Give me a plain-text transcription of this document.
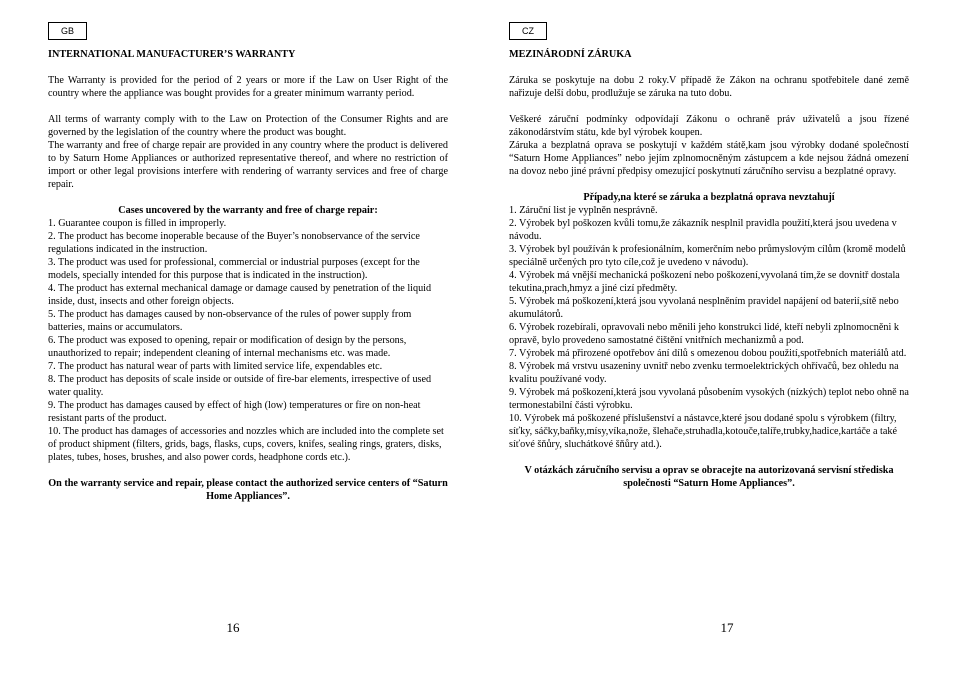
GB
INTERNATIONAL MANUFACTURER’S WARRANTY
The Warranty is provided for the period of 2 years or more if the Law on User Right of the country where the appliance was bought provides for a greater minimum warranty period.
All terms of warranty comply with to the Law on Protection of the Consumer Rights and are governed by the legislation of the country where the product was bought.
The warranty and free of charge repair are provided in any country where the product is delivered to by Saturn Home Appliances or authorized representative thereof, and where no restriction of import or other legal provisions interfere with rendering of warranty services and free of charge repair.
Cases uncovered by the warranty and free of charge repair:
1. Guarantee coupon is filled in improperly.
2. The product has become inoperable because of the Buyer’s nonobservance of the service regulations indicated in the instruction.
3. The product was used for professional, commercial or industrial purposes (except for the models, specially intended for this purpose that is indicated in the instruction).
4. The product has external mechanical damage or damage caused by penetration of the liquid inside, dust, insects and other foreign objects.
5. The product has damages caused by non-observance of the rules of power supply from batteries, mains or accumulators.
6. The product was exposed to opening, repair or modification of design by the persons, unauthorized to repair; independent cleaning of internal mechanisms etc. was made.
7. The product has natural wear of parts with limited service life, expendables etc.
8. The product has deposits of scale inside or outside of fire-bar elements, irrespective of used water quality.
9. The product has damages caused by effect of high (low) temperatures or fire on non-heat resistant parts of the product.
10. The product has damages of accessories and nozzles which are included into the complete set of product shipment (filters, grids, bags, flasks, cups, covers, knifes, sealing rings, graters, disks, plates, tubes, hoses, brushes, and also power cords, headphone cords etc.).
On the warranty service and repair, please contact the authorized service centers of “Saturn Home Appliances”.
16
CZ
MEZINÁRODNÍ ZÁRUKA
Záruka se poskytuje na dobu 2 roky.V případě že Zákon na ochranu spotřebitele dané země nařizuje delší dobu, prodlužuje se záruka na tuto dobu.
Veškeré záruční podmínky odpovídají Zákonu o ochraně práv uživatelů a jsou řízené zákonodárstvím státu, kde byl výrobek koupen.
Záruka a bezplatná oprava se poskytují v každém státě,kam jsou výrobky dodané společností “Saturn Home Appliances” nebo jejím zplnomocněným zástupcem a kde nejsou žádná omezení na dovoz nebo jiné právní předpisy omezující poskytnutí záručního servisu a bezplatné opravy.
Případy,na které se záruka a bezplatná oprava nevztahují
1. Záruční list je vyplněn nesprávně.
2. Výrobek byl poškozen kvůli tomu,že zákazník nesplnil pravidla použití,která jsou uvedena v návodu.
3. Výrobek byl používán k profesionálním, komerčním nebo průmyslovým cílům (kromě modelů speciálně určených pro tyto cíle,což je uvedeno v návodu).
4. Výrobek má vnější mechanická poškození nebo poškození,vyvolaná tím,že se dovnitř dostala tekutina,prach,hmyz a jiné cizí předměty.
5. Výrobek má poškození,která jsou vyvolaná nesplněním pravidel napájení od baterií,sítě nebo akumulátorů.
6. Výrobek rozebírali, opravovali nebo měnili jeho konstrukci lidé, kteří nebyli zplnomocněni k opravě, bylo provedeno samostatné čištění vnitřních mechanizmů a pod.
7. Výrobek má přirozené opotřebov ání dílů s omezenou dobou použití,spotřebních materiálů atd.
8. Výrobek má vrstvu usazeniny uvnitř nebo zvenku termoelektrických ohřívačů, bez ohledu na kvalitu používané vody.
9. Výrobek má poškození,která jsou vyvolaná působením vysokých (nízkých) teplot nebo ohně na termonestabilní části výrobku.
10. Výrobek má poškozené příslušenství a nástavce,které jsou dodané spolu s výrobkem (filtry, síťky, sáčky,baňky,mísy,víka,nože, šlehače,struhadla,kotouče,talíře,trubky,hadice,kartáče a také síťové šňůry, sluchátkové šňůry atd.).
V otázkách záručního servisu a oprav se obracejte na autorizovaná servisní střediska společnosti “Saturn Home Appliances”.
17
